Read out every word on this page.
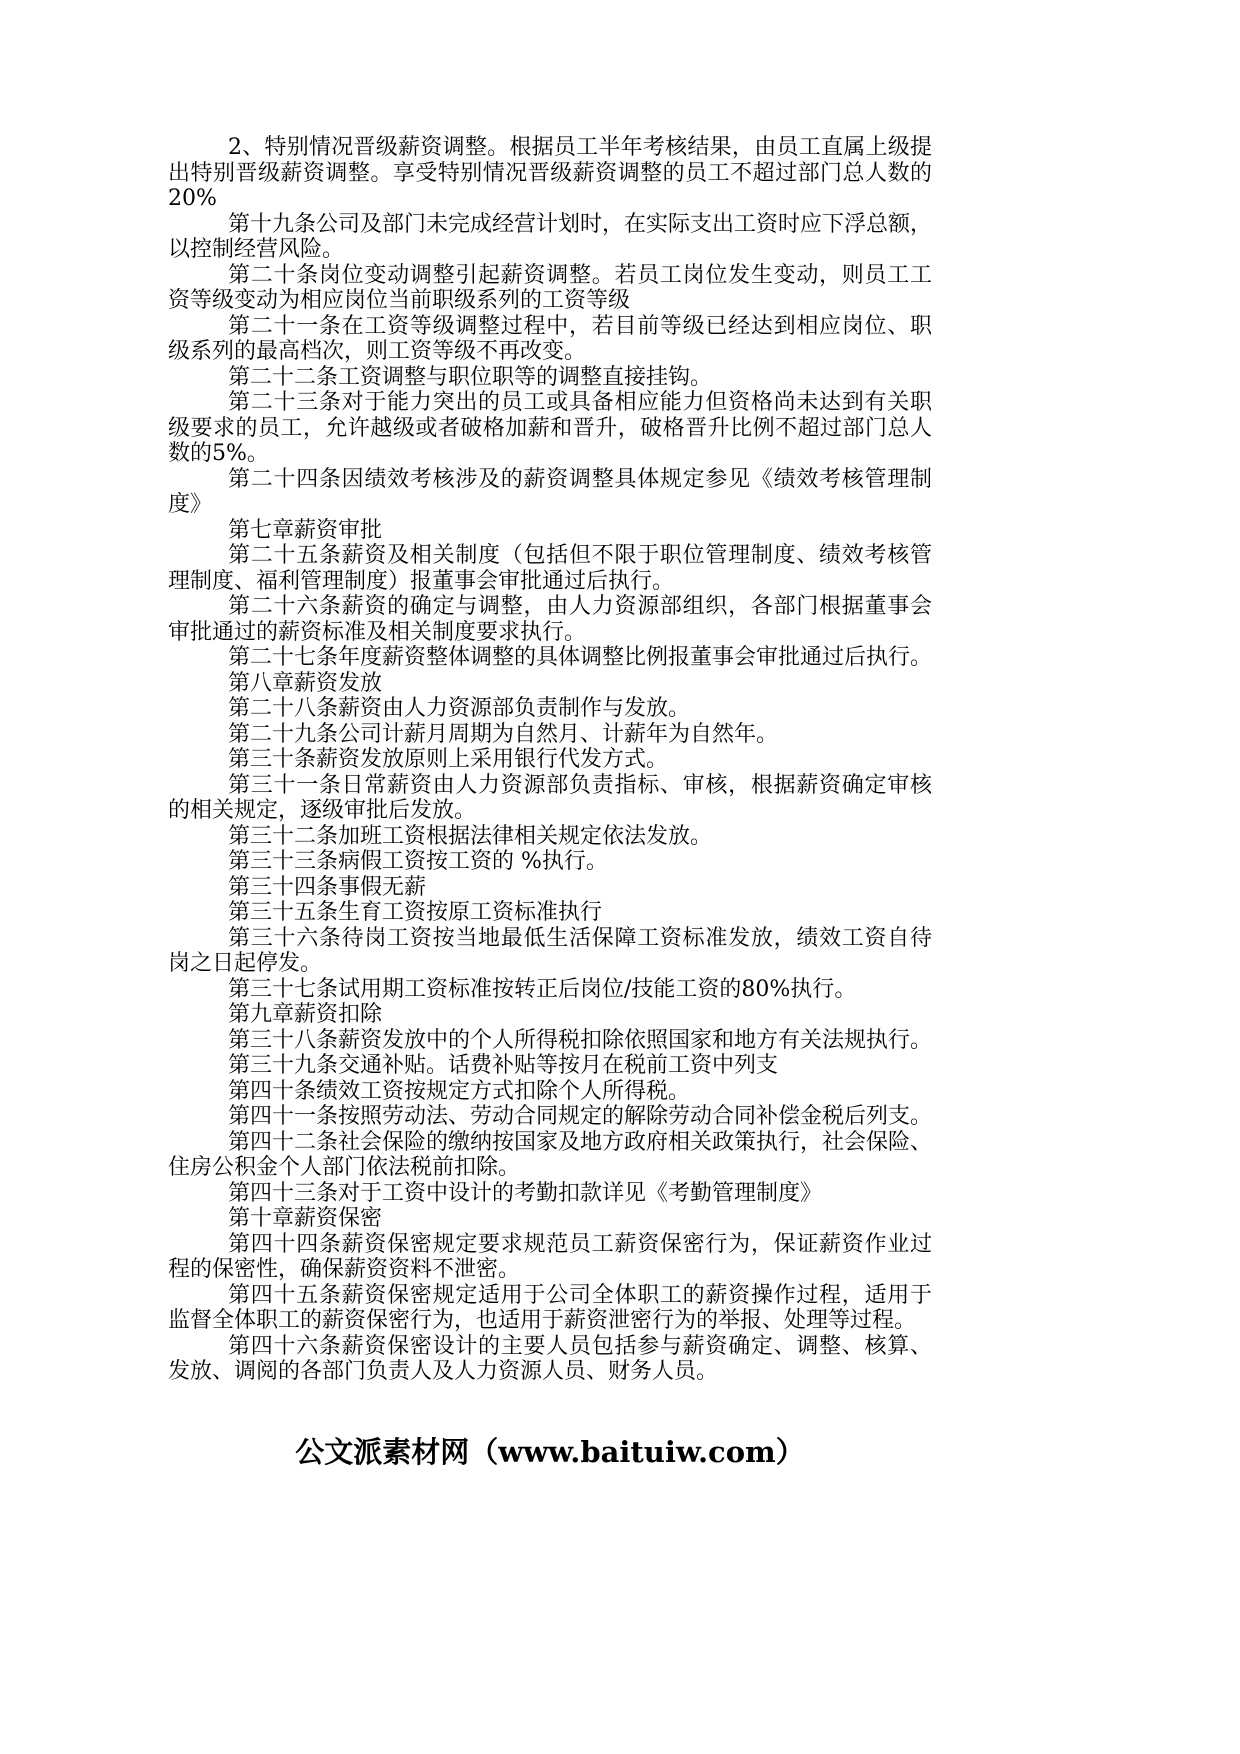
2、特别情况晋级薪资调整。根据员工半年考核结果，由员工直属上级提
出特别晋级薪资调整。享受特别情况晋级薪资调整的员工不超过部门总人数的
20%
第十九条公司及部门未完成经营计划时，在实际支出工资时应下浮总额，
以控制经营风险。
第二十条岗位变动调整引起薪资调整。若员工岗位发生变动，则员工工
资等级变动为相应岗位当前职级系列的工资等级
第二十一条在工资等级调整过程中，若目前等级已经达到相应岗位、职
级系列的最高档次，则工资等级不再改变。
第二十二条工资调整与职位职等的调整直接挂钩。
第二十三条对于能力突出的员工或具备相应能力但资格尚未达到有关职
级要求的员工，允许越级或者破格加薪和晋升，破格晋升比例不超过部门总人
数的5%。
第二十四条因绩效考核涉及的薪资调整具体规定参见《绩效考核管理制
度》
第七章薪资审批
第二十五条薪资及相关制度（包括但不限于职位管理制度、绩效考核管
理制度、福利管理制度）报董事会审批通过后执行。
第二十六条薪资的确定与调整，由人力资源部组织，各部门根据董事会
审批通过的薪资标准及相关制度要求执行。
第二十七条年度薪资整体调整的具体调整比例报董事会审批通过后执行。
第八章薪资发放
第二十八条薪资由人力资源部负责制作与发放。
第二十九条公司计薪月周期为自然月、计薪年为自然年。
第三十条薪资发放原则上采用银行代发方式。
第三十一条日常薪资由人力资源部负责指标、审核，根据薪资确定审核
的相关规定，逐级审批后发放。
第三十二条加班工资根据法律相关规定依法发放。
第三十三条病假工资按工资的 %执行。
第三十四条事假无薪
第三十五条生育工资按原工资标准执行
第三十六条待岗工资按当地最低生活保障工资标准发放，绩效工资自待
岗之日起停发。
第三十七条试用期工资标准按转正后岗位/技能工资的80%执行。
第九章薪资扣除
第三十八条薪资发放中的个人所得税扣除依照国家和地方有关法规执行。
第三十九条交通补贴。话费补贴等按月在税前工资中列支
第四十条绩效工资按规定方式扣除个人所得税。
第四十一条按照劳动法、劳动合同规定的解除劳动合同补偿金税后列支。
第四十二条社会保险的缴纳按国家及地方政府相关政策执行，社会保险、
住房公积金个人部门依法税前扣除。
第四十三条对于工资中设计的考勤扣款详见《考勤管理制度》
第十章薪资保密
第四十四条薪资保密规定要求规范员工薪资保密行为，保证薪资作业过
程的保密性，确保薪资资料不泄密。
第四十五条薪资保密规定适用于公司全体职工的薪资操作过程，适用于
监督全体职工的薪资保密行为，也适用于薪资泄密行为的举报、处理等过程。
第四十六条薪资保密设计的主要人员包括参与薪资确定、调整、核算、
发放、调阅的各部门负责人及人力资源人员、财务人员。
公文派素材网（www.baituiw.com）
